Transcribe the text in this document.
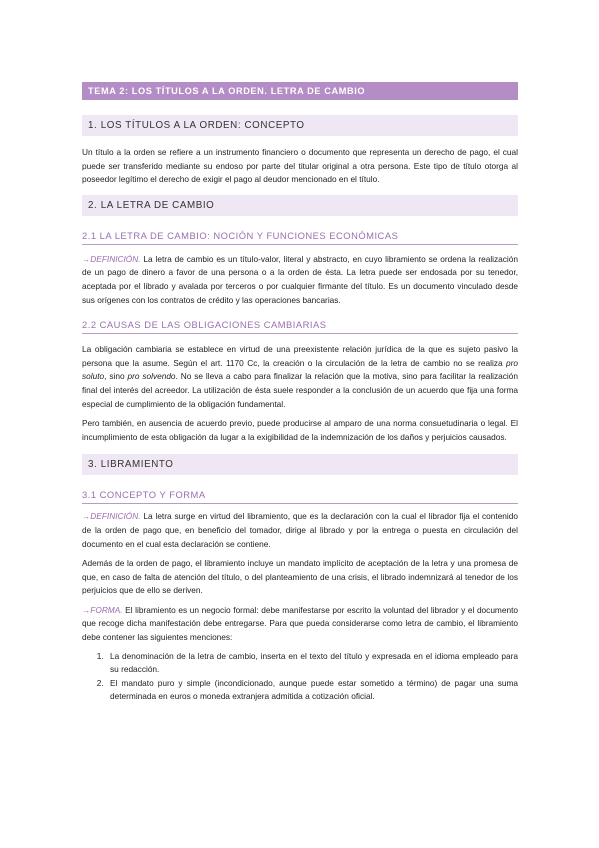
TEMA 2: LOS TÍTULOS A LA ORDEN. LETRA DE CAMBIO
1. LOS TÍTULOS A LA ORDEN: CONCEPTO

Un título a la orden se refiere a un instrumento financiero o documento que representa un derecho de pago, el cual puede ser transferido mediante su endoso por parte del titular original a otra persona. Este tipo de título otorga al poseedor legítimo el derecho de exigir el pago al deudor mencionado en el título.

2. LA LETRA DE CAMBIO
2.1 LA LETRA DE CAMBIO: NOCIÓN Y FUNCIONES ECONÓMICAS

→DEFINICIÓN. La letra de cambio es un título-valor, literal y abstracto, en cuyo libramiento se ordena la realización de un pago de dinero a favor de una persona o a la orden de ésta. La letra puede ser endosada por su tenedor, aceptada por el librado y avalada por terceros o por cualquier firmante del título. Es un documento vinculado desde sus orígenes con los contratos de crédito y las operaciones bancarias.

2.2 CAUSAS DE LAS OBLIGACIONES CAMBIARIAS

La obligación cambiaria se establece en virtud de una preexistente relación jurídica de la que es sujeto pasivo la persona que la asume. Según el art. 1170 Cc, la creación o la circulación de la letra de cambio no se realiza pro soluto, sino pro solvendo. No se lleva a cabo para finalizar la relación que la motiva, sino para facilitar la realización final del interés del acreedor. La utilización de ésta suele responder a la conclusión de un acuerdo que fija una forma especial de cumplimiento de la obligación fundamental.

Pero también, en ausencia de acuerdo previo, puede producirse al amparo de una norma consuetudinaria o legal. El incumplimiento de esta obligación da lugar a la exigibilidad de la indemnización de los daños y perjuicios causados.

3. LIBRAMIENTO
3.1 CONCEPTO Y FORMA

→DEFINICIÓN. La letra surge en virtud del libramiento, que es la declaración con la cual el librador fija el contenido de la orden de pago que, en beneficio del tomador, dirige al librado y por la entrega o puesta en circulación del documento en el cual esta declaración se contiene.

Además de la orden de pago, el libramiento incluye un mandato implícito de aceptación de la letra y una promesa de que, en caso de falta de atención del título, o del planteamiento de una crisis, el librado indemnizará al tenedor de los perjuicios que de ello se deriven.

→FORMA. El libramiento es un negocio formal: debe manifestarse por escrito la voluntad del librador y el documento que recoge dicha manifestación debe entregarse. Para que pueda considerarse como letra de cambio, el libramiento debe contener las siguientes menciones:

1. La denominación de la letra de cambio, inserta en el texto del título y expresada en el idioma empleado para su redacción.
2. El mandato puro y simple (incondicionado, aunque puede estar sometido a término) de pagar una suma determinada en euros o moneda extranjera admitida a cotización oficial.
